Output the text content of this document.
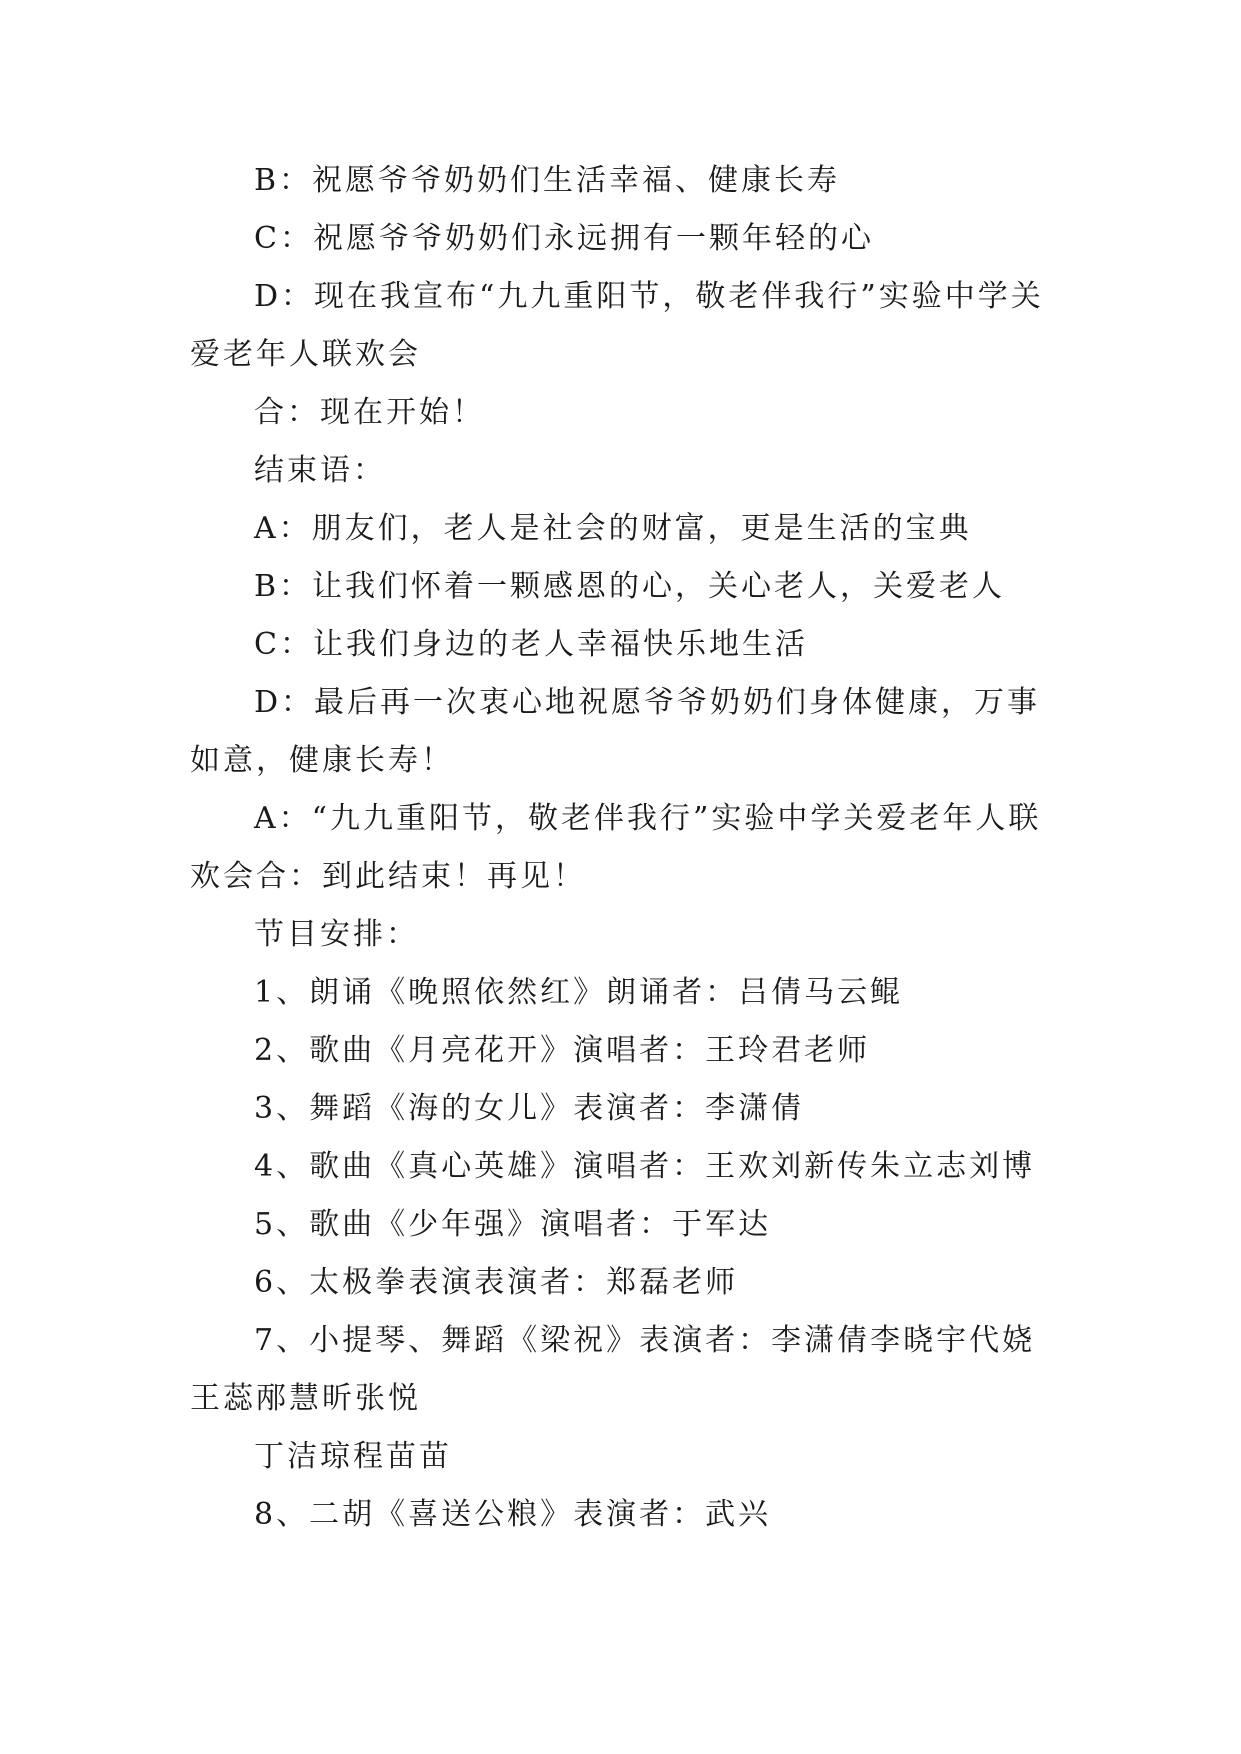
B：祝愿爷爷奶奶们生活幸福、健康长寿

C：祝愿爷爷奶奶们永远拥有一颗年轻的心

D：现在我宣布“九九重阳节，敬老伴我行”实验中学关爱老年人联欢会

合：现在开始！

结束语：

A：朋友们，老人是社会的财富，更是生活的宝典

B：让我们怀着一颗感恩的心，关心老人，关爱老人

C：让我们身边的老人幸福快乐地生活

D：最后再一次衷心地祝愿爷爷奶奶们身体健康，万事如意，健康长寿！

A：“九九重阳节，敬老伴我行”实验中学关爱老年人联欢会合：到此结束！再见！

节目安排：

1、朗诵《晚照依然红》朗诵者：吕倩马云鲲

2、歌曲《月亮花开》演唱者：王玲君老师

3、舞蹈《海的女儿》表演者：李潇倩

4、歌曲《真心英雄》演唱者：王欢刘新传朱立志刘博

5、歌曲《少年强》演唱者：于军达

6、太极拳表演表演者：郑磊老师

7、小提琴、舞蹈《梁祝》表演者：李潇倩李晓宇代娆王蕊邴慧昕张悦

丁洁琼程苗苗

8、二胡《喜送公粮》表演者：武兴
